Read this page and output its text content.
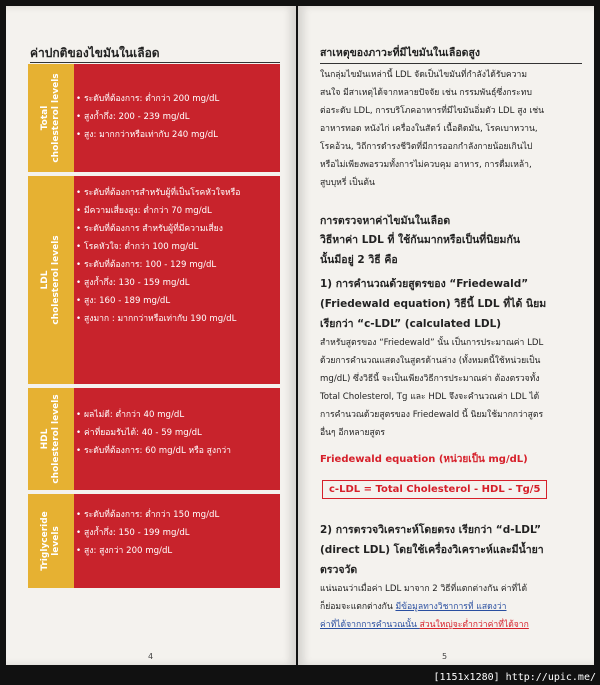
ค่าปกติของไขมันในเลือด
Total
cholesterol levels	• ระดับที่ต้องการ: ต่ำกว่า 200 mg/dL
• สูงก้ำกึ่ง: 200 - 239 mg/dL
• สูง: มากกว่าหรือเท่ากับ 240 mg/dL
LDL
cholesterol levels
• ระดับที่ต้องการสำหรับผู้ที่เป็นโรคหัวใจหรือ
• มีความเสี่ยงสูง: ต่ำกว่า 70 mg/dL
• ระดับที่ต้องการ สำหรับผู้ที่มีความเสี่ยง
• โรคหัวใจ: ต่ำกว่า 100 mg/dL
• ระดับที่ต้องการ: 100 - 129 mg/dL
• สูงก้ำกึ่ง: 130 - 159 mg/dL
• สูง: 160 - 189 mg/dL
• สูงมาก : มากกว่าหรือเท่ากับ 190 mg/dL
HDL
cholesterol levels	• ผลไม่ดี: ต่ำกว่า 40 mg/dL
• ค่าที่ยอมรับได้: 40 - 59 mg/dL
• ระดับที่ต้องการ: 60 mg/dL หรือ สูงกว่า
Triglyceride
levels
• ระดับที่ต้องการ: ต่ำกว่า 150 mg/dL
• สูงก้ำกึ่ง: 150 - 199 mg/dL
• สูง: สูงกว่า 200 mg/dL
4
สาเหตุของภาวะที่มีไขมันในเลือดสูง
ในกลุ่มไขมันเหล่านี้ LDL จัดเป็นไขมันที่กำลังได้รับความ
สนใจ มีสาเหตุได้จากหลายปัจจัย เช่น กรรมพันธุ์ซึ่งกระทบ
ต่อระดับ LDL, การบริโภคอาหารที่มีไขมันอิ่มตัว LDL สูง เช่น
อาหารทอด หนังไก่ เครื่องในสัตว์ เนื้อติดมัน, โรคเบาหวาน,
โรคอ้วน, วิถีการดำรงชีวิตที่มีการออกกำลังกายน้อยเกินไป
หรือไม่เพียงพอรวมทั้งการไม่ควบคุม อาหาร, การดื่มเหล้า,
สูบบุหรี่ เป็นต้น
การตรวจหาค่าไขมันในเลือด
วิธีหาค่า LDL ที่ ใช้กันมากหรือเป็นที่นิยมกัน
นั้นมีอยู่ 2 วิธี คือ
1) การคำนวณด้วยสูตรของ “Friedewald”
(Friedewald equation) วิธีนี้ LDL ที่ได้ นิยม
เรียกว่า “c-LDL” (calculated LDL)
สำหรับสูตรของ “Friedewald” นั้น เป็นการประมาณค่า LDL
ด้วยการคำนวณแสดงในสูตรด้านล่าง (ทั้งหมดนี้ใช้หน่วยเป็น
mg/dL) ซึ่งวิธีนี้ จะเป็นเพียงวิธีการประมาณค่า ต้องตรวจทั้ง
Total Cholesterol, Tg และ HDL จึงจะคำนวณค่า LDL ได้
การคำนวณด้วยสูตรของ Friedewald นี้ นิยมใช้มากกว่าสูตร
อื่นๆ อีกหลายสูตร
Friedewald equation (หน่วยเป็น mg/dL)
c-LDL = Total Cholesterol - HDL - Tg/5
2) การตรวจวิเคราะห์โดยตรง เรียกว่า “d-LDL”
(direct LDL) โดยใช้เครื่องวิเคราะห์และมีน้ำยา
ตรวจวัด
แน่นอนว่าเมื่อค่า LDL มาจาก 2 วิธีที่แตกต่างกัน ค่าที่ได้
ก็ย่อมจะแตกต่างกัน มีข้อมูลทางวิชาการที่ แสดงว่า
ค่าที่ได้จากการคำนวณนั้น ส่วนใหญ่จะต่ำกว่าค่าที่ได้จาก
5
[1151x1280] http://upic.me/
